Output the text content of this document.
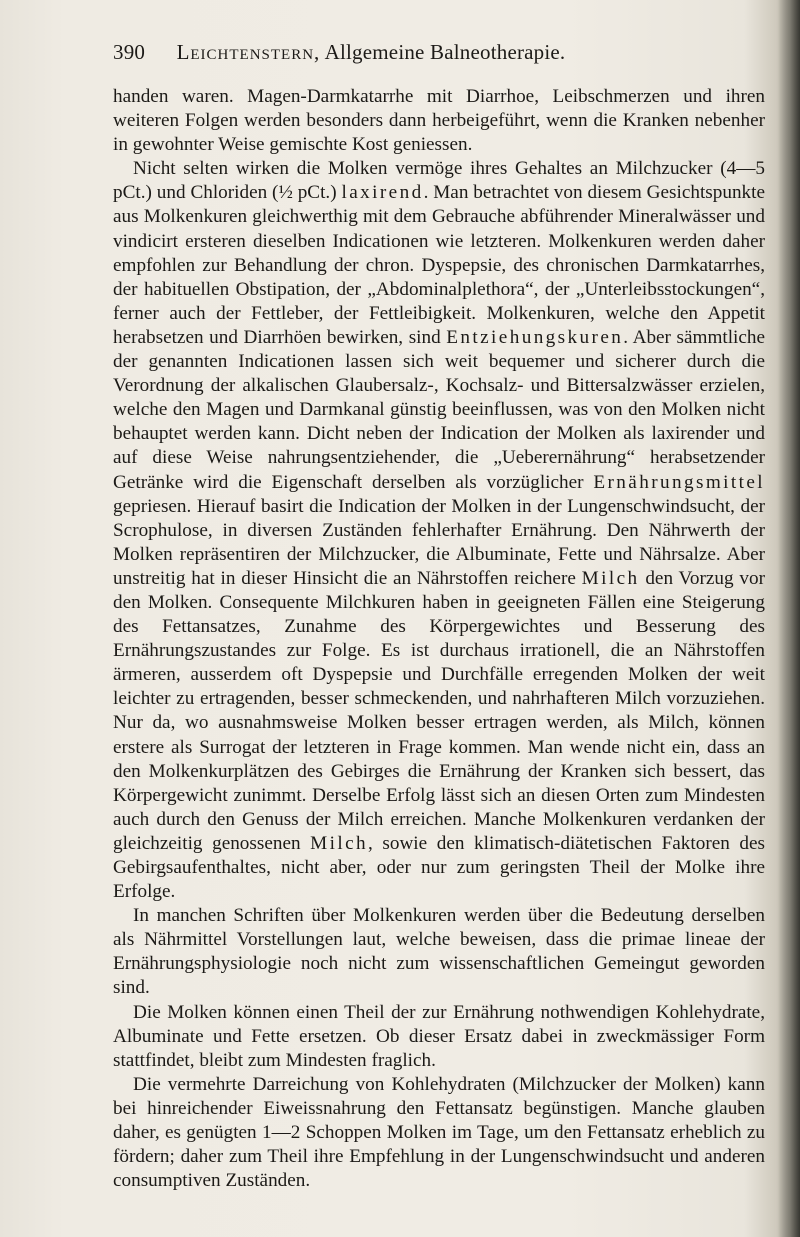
390 Leichtenstern, Allgemeine Balneotherapie.

handen waren. Magen-Darmkatarrhe mit Diarrhoe, Leibschmerzen und ihren weiteren Folgen werden besonders dann herbeigeführt, wenn die Kranken nebenher in gewohnter Weise gemischte Kost geniessen.

Nicht selten wirken die Molken vermöge ihres Gehaltes an Milchzucker (4—5 pCt.) und Chloriden (½ pCt.) laxirend. Man betrachtet von diesem Gesichtspunkte aus Molkenkuren gleichwerthig mit dem Gebrauche abführender Mineralwässer und vindicirt ersteren dieselben Indicationen wie letzteren. Molkenkuren werden daher empfohlen zur Behandlung der chron. Dyspepsie, des chronischen Darmkatarrhes, der habituellen Obstipation, der „Abdominalplethora“, der „Unterleibsstockungen“, ferner auch der Fettleber, der Fettleibigkeit. Molkenkuren, welche den Appetit herabsetzen und Diarrhöen bewirken, sind Entziehungskuren. Aber sämmtliche der genannten Indicationen lassen sich weit bequemer und sicherer durch die Verordnung der alkalischen Glaubersalz-, Kochsalz- und Bittersalzwässer erzielen, welche den Magen und Darmkanal günstig beeinflussen, was von den Molken nicht behauptet werden kann. Dicht neben der Indication der Molken als laxirender und auf diese Weise nahrungsentziehender, die „Ueberernährung“ herabsetzender Getränke wird die Eigenschaft derselben als vorzüglicher Ernährungsmittel gepriesen. Hierauf basirt die Indication der Molken in der Lungenschwindsucht, der Scrophulose, in diversen Zuständen fehlerhafter Ernährung. Den Nährwerth der Molken repräsentiren der Milchzucker, die Albuminate, Fette und Nährsalze. Aber unstreitig hat in dieser Hinsicht die an Nährstoffen reichere Milch den Vorzug vor den Molken. Consequente Milchkuren haben in geeigneten Fällen eine Steigerung des Fettansatzes, Zunahme des Körpergewichtes und Besserung des Ernährungszustandes zur Folge. Es ist durchaus irrationell, die an Nährstoffen ärmeren, ausserdem oft Dyspepsie und Durchfälle erregenden Molken der weit leichter zu ertragenden, besser schmeckenden, und nahrhafteren Milch vorzuziehen. Nur da, wo ausnahmsweise Molken besser ertragen werden, als Milch, können erstere als Surrogat der letzteren in Frage kommen. Man wende nicht ein, dass an den Molkenkurplätzen des Gebirges die Ernährung der Kranken sich bessert, das Körpergewicht zunimmt. Derselbe Erfolg lässt sich an diesen Orten zum Mindesten auch durch den Genuss der Milch erreichen. Manche Molkenkuren verdanken der gleichzeitig genossenen Milch, sowie den klimatisch-diätetischen Faktoren des Gebirgsaufenthaltes, nicht aber, oder nur zum geringsten Theil der Molke ihre Erfolge.

In manchen Schriften über Molkenkuren werden über die Bedeutung derselben als Nährmittel Vorstellungen laut, welche beweisen, dass die primae lineae der Ernährungsphysiologie noch nicht zum wissenschaftlichen Gemeingut geworden sind.

Die Molken können einen Theil der zur Ernährung nothwendigen Kohlehydrate, Albuminate und Fette ersetzen. Ob dieser Ersatz dabei in zweckmässiger Form stattfindet, bleibt zum Mindesten fraglich.

Die vermehrte Darreichung von Kohlehydraten (Milchzucker der Molken) kann bei hinreichender Eiweissnahrung den Fettansatz begünstigen. Manche glauben daher, es genügten 1—2 Schoppen Molken im Tage, um den Fettansatz erheblich zu fördern; daher zum Theil ihre Empfehlung in der Lungenschwindsucht und anderen consumptiven Zuständen.
